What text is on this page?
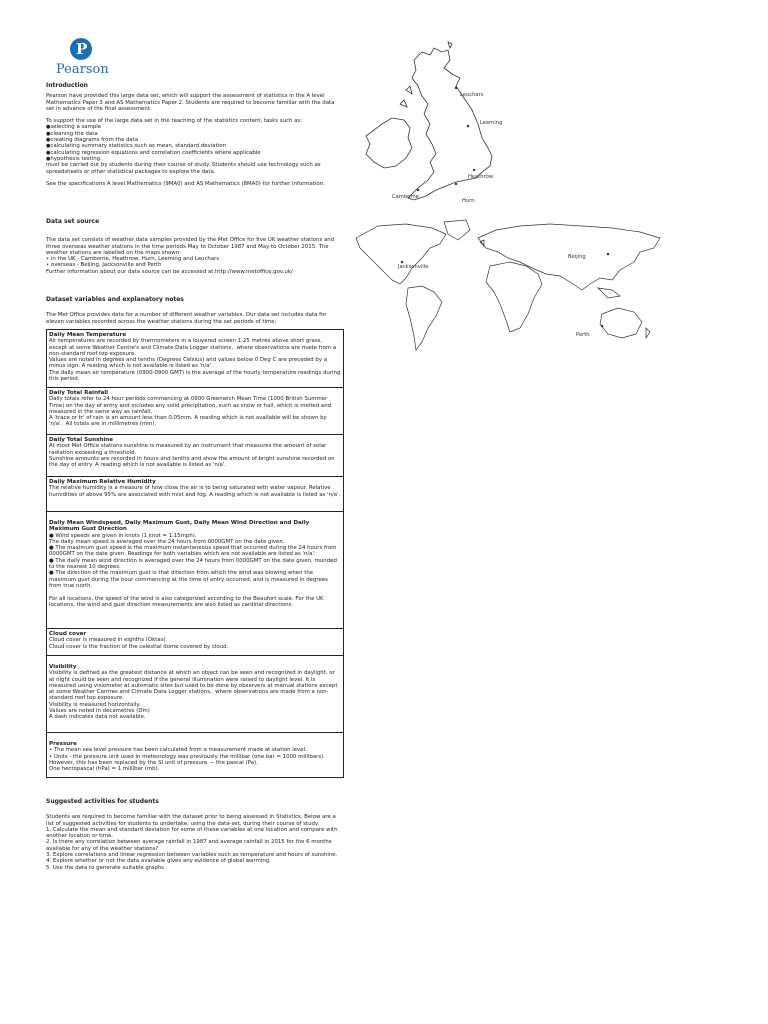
P
Pearson
Introduction
Pearson have provided this large data set, which will support the assessment of statistics in the A level Mathematics Paper 3 and AS Mathematics Paper 2. Students are required to become familiar with the data set in advance of the final assessment.
To support the use of the large data set in the teaching of the statistics content, tasks such as:
● selecting a sample
● cleaning the data
● creating diagrams from the data
● calculating summary statistics such as mean, standard deviation
● calculating regression equations and correlation coefficients where applicable
● hypothesis testing.
must be carried out by students during their course of study. Students should use technology such as spreadsheets or other statistical packages to explore the data.
See the specifications A level Mathematics (9MA0) and AS Mathematics (8MA0) for further information.
Data set source
The data set consists of weather data samples provided by the Met Office for five UK weather stations and three overseas weather stations in the time periods May to October 1987 and May to October 2015. The weather stations are labelled on the maps shown:
• in the UK - Camborne, Heathrow, Hurn, Leeming and Leuchars
• overseas - Beijing, Jacksonville and Perth
Further information about our data source can be accessed at http://www.metoffice.gov.uk/
Dataset variables and explanatory notes
The Met Office provides data for a number of different weather variables. Our data set includes data for eleven variables recorded across the weather stations during the set periods of time:
Daily Mean Temperature
Air temperatures are recorded by thermometers in a louvered screen 1.25 metres above short grass,  except at some Weather Centre's and Climate Data Logger stations,  where observations are made from a non-standard roof top exposure.
Values are noted in degrees and tenths (Degrees Celsius) and values below 0 Deg C are preceded by a minus sign. A reading which is not available is listed as 'n/a'.
The daily mean air temperature (0900-0900 GMT) is the average of the hourly temperature readings during this period.
Daily Total Rainfall
Daily totals refer to 24 hour periods commencing at 0900 Greenwich Mean Time (1000 British Summer Time) on the day of entry and includes any solid precipitation, such as snow or hail, which is melted and measured in the same way as rainfall.
A 'trace or tr' of rain is an amount less than 0.05mm. A reading which is not available will be shown by 'n/a'.  All totals are in millimetres (mm).
Daily Total Sunshine
At most Met Office stations sunshine is measured by an instrument that measures the amount of solar radiation exceeding a threshold.
Sunshine amounts are recorded in hours and tenths and show the amount of bright sunshine recorded on the day of entry. A reading which is not available is listed as 'n/a'.
Daily Maximum Relative Humidity
The relative humidity is a measure of how close the air is to being saturated with water vapour. Relative humidities of above 95% are associated with mist and fog. A reading which is not available is listed as 'n/a'.
Daily Mean Windspeed, Daily Maximum Gust, Daily Mean Wind Direction and Daily Maximum Gust Direction
● Wind speeds are given in knots (1 knot = 1.15mph).
The daily mean speed is averaged over the 24 hours from 0000GMT on the date given.
● The maximum gust speed is the maximum instantaneous speed that occurred during the 24 hours from 0000GMT on the date given. Readings for both variables which are not available are listed as 'n/a'.
● The daily mean wind direction is averaged over the 24 hours from 0000GMT on the date given, rounded to the nearest 10 degrees.
● The direction of the maximum gust is that direction from which the wind was blowing when the maximum gust during the hour commencing at the time of entry occurred, and is measured in degrees from true north.

For all locations, the speed of the wind is also categorized according to the Beaufort scale. For the UK locations, the wind and gust direction measurements are also listed as cardinal directions.
Cloud cover
Cloud cover is measured in eighths (Oktas).
Cloud cover is the fraction of the celestial dome covered by cloud.
Visibility
Visibility is defined as the greatest distance at which an object can be seen and recognized in daylight, or at night could be seen and recognized if the general illumination were raised to daylight level. It is measured using visiometer at automatic sites but used to be done by observers at manual stations except at some Weather Centres and Climate Data Logger stations,  where observations are made from a non-standard roof top exposure.
Visibility is measured horizontally.
Values are noted in decametres (Dm)
A dash indicates data not available.
Pressure
• The mean sea level pressure has been calculated from a measurement made at station level.
• Units - the pressure unit used in meteorology was previously the millibar (one bar = 1000 millibars). However, this has been replaced by the SI unit of pressure — the pascal (Pa).
One hectopascal (hPa) = 1 millibar (mb).
Suggested activities for students
Students are required to become familiar with the dataset prior to being assessed in Statistics. Below are a list of suggested activities for students to undertake, using the data-set, during their course of study.
1. Calculate the mean and standard deviation for some of these variables at one location and compare with another location or time.
2. Is there any correlation between average rainfall in 1987 and average rainfall in 2015 for the 6 months available for any of the weather stations?
3. Explore correlations and linear regression between variables such as temperature and hours of sunshine.
4. Explore whether or not the data available gives any evidence of global warming.
5. Use the data to generate suitable graphs.
Leuchars
Leeming
Heathrow
Camborne
Hurn
Jacksonville
Beijing
Perth
